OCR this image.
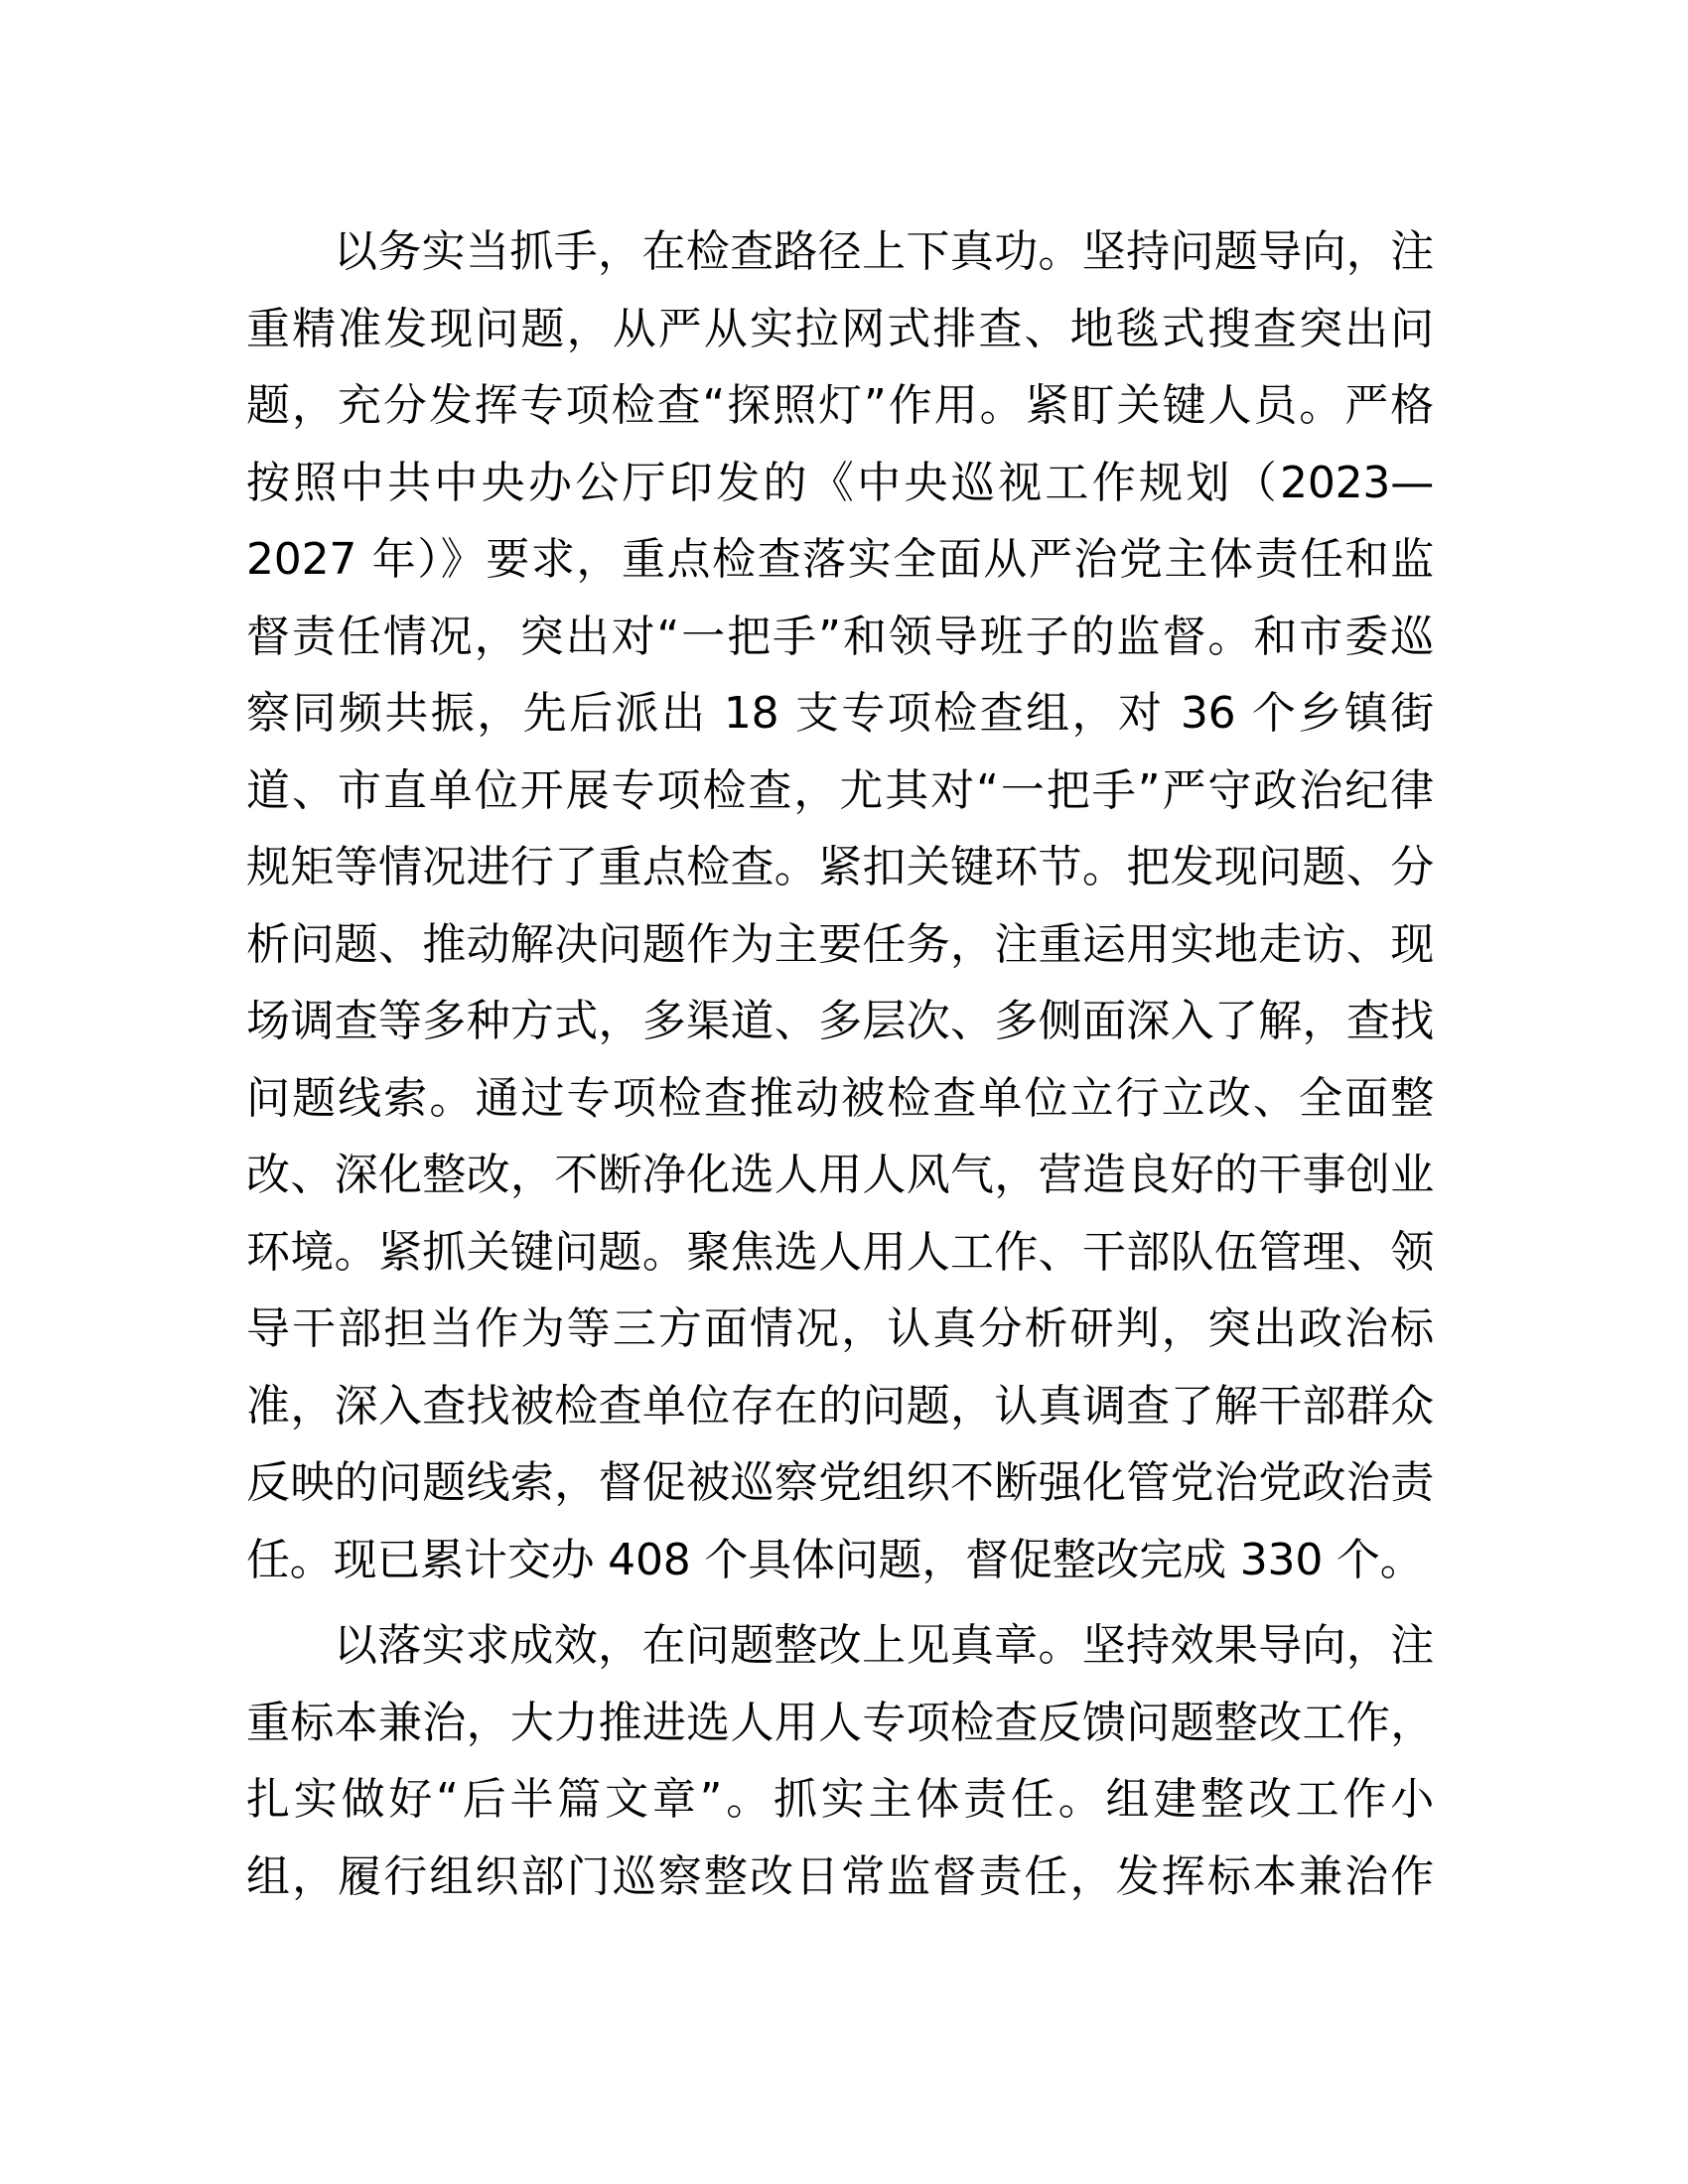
以务实当抓手，在检查路径上下真功。坚持问题导向，注
重精准发现问题，从严从实拉网式排查、地毯式搜查突出问
题，充分发挥专项检查“探照灯”作用。紧盯关键人员。严格
按照中共中央办公厅印发的《中央巡视工作规划（2023—
2027 年）》要求，重点检查落实全面从严治党主体责任和监
督责任情况，突出对“一把手”和领导班子的监督。和市委巡
察同频共振，先后派出 18 支专项检查组，对 36 个乡镇街
道、市直单位开展专项检查，尤其对“一把手”严守政治纪律
规矩等情况进行了重点检查。紧扣关键环节。把发现问题、分
析问题、推动解决问题作为主要任务，注重运用实地走访、现
场调查等多种方式，多渠道、多层次、多侧面深入了解，查找
问题线索。通过专项检查推动被检查单位立行立改、全面整
改、深化整改，不断净化选人用人风气，营造良好的干事创业
环境。紧抓关键问题。聚焦选人用人工作、干部队伍管理、领
导干部担当作为等三方面情况，认真分析研判，突出政治标
准，深入查找被检查单位存在的问题，认真调查了解干部群众
反映的问题线索，督促被巡察党组织不断强化管党治党政治责
任。现已累计交办 408 个具体问题，督促整改完成 330 个。
以落实求成效，在问题整改上见真章。坚持效果导向，注
重标本兼治，大力推进选人用人专项检查反馈问题整改工作，
扎实做好“后半篇文章”。抓实主体责任。组建整改工作小
组，履行组织部门巡察整改日常监督责任，发挥标本兼治作
